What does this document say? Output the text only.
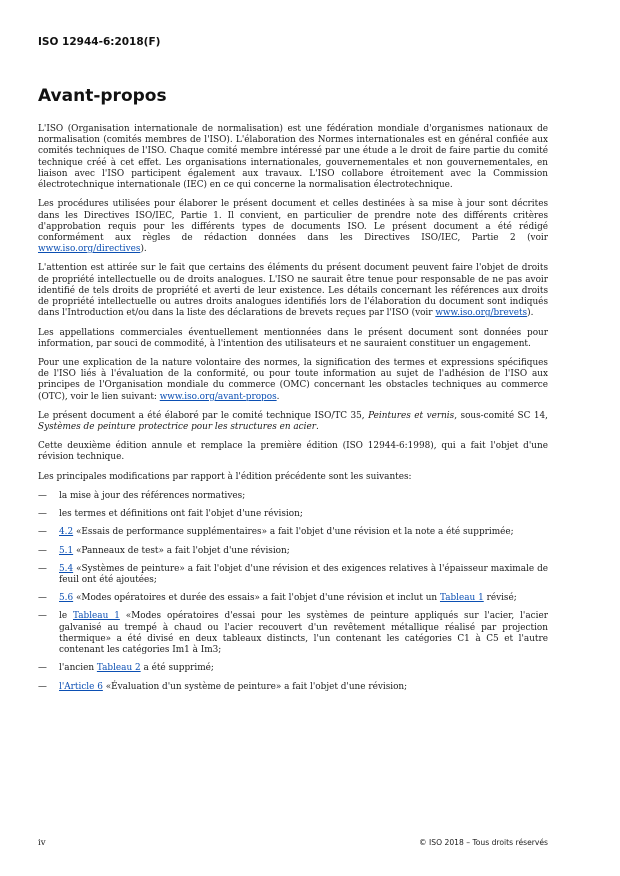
ISO 12944-6:2018(F)
Avant-propos

L'ISO (Organisation internationale de normalisation) est une fédération mondiale d'organismes nationaux de normalisation (comités membres de l'ISO). L'élaboration des Normes internationales est en général confiée aux comités techniques de l'ISO. Chaque comité membre intéressé par une étude a le droit de faire partie du comité technique créé à cet effet. Les organisations internationales, gouvernementales et non gouvernementales, en liaison avec l'ISO participent également aux travaux. L'ISO collabore étroitement avec la Commission électrotechnique internationale (IEC) en ce qui concerne la normalisation électrotechnique.

Les procédures utilisées pour élaborer le présent document et celles destinées à sa mise à jour sont décrites dans les Directives ISO/IEC, Partie 1. Il convient, en particulier de prendre note des différents critères d'approbation requis pour les différents types de documents ISO. Le présent document a été rédigé conformément aux règles de rédaction données dans les Directives ISO/IEC, Partie 2 (voir www.iso.org/directives).

L'attention est attirée sur le fait que certains des éléments du présent document peuvent faire l'objet de droits de propriété intellectuelle ou de droits analogues. L'ISO ne saurait être tenue pour responsable de ne pas avoir identifié de tels droits de propriété et averti de leur existence. Les détails concernant les références aux droits de propriété intellectuelle ou autres droits analogues identifiés lors de l'élaboration du document sont indiqués dans l'Introduction et/ou dans la liste des déclarations de brevets reçues par l'ISO (voir www.iso.org/brevets).

Les appellations commerciales éventuellement mentionnées dans le présent document sont données pour information, par souci de commodité, à l'intention des utilisateurs et ne sauraient constituer un engagement.

Pour une explication de la nature volontaire des normes, la signification des termes et expressions spécifiques de l'ISO liés à l'évaluation de la conformité, ou pour toute information au sujet de l'adhésion de l'ISO aux principes de l'Organisation mondiale du commerce (OMC) concernant les obstacles techniques au commerce (OTC), voir le lien suivant: www.iso.org/avant-propos.

Le présent document a été élaboré par le comité technique ISO/TC 35, Peintures et vernis, sous-comité SC 14, Systèmes de peinture protectrice pour les structures en acier.

Cette deuxième édition annule et remplace la première édition (ISO 12944-6:1998), qui a fait l'objet d'une révision technique.

Les principales modifications par rapport à l'édition précédente sont les suivantes:

— la mise à jour des références normatives;
— les termes et définitions ont fait l'objet d'une révision;
— 4.2 «Essais de performance supplémentaires» a fait l'objet d'une révision et la note a été supprimée;
— 5.1 «Panneaux de test» a fait l'objet d'une révision;
— 5.4 «Systèmes de peinture» a fait l'objet d'une révision et des exigences relatives à l'épaisseur maximale de feuil ont été ajoutées;
— 5.6 «Modes opératoires et durée des essais» a fait l'objet d'une révision et inclut un Tableau 1 révisé;
— le Tableau 1 «Modes opératoires d'essai pour les systèmes de peinture appliqués sur l'acier, l'acier galvanisé au trempé à chaud ou l'acier recouvert d'un revêtement métallique réalisé par projection thermique» a été divisé en deux tableaux distincts, l'un contenant les catégories C1 à C5 et l'autre contenant les catégories Im1 à Im3;
— l'ancien Tableau 2 a été supprimé;
— l'Article 6 «Évaluation d'un système de peinture» a fait l'objet d'une révision;
iv	© ISO 2018 – Tous droits réservés
